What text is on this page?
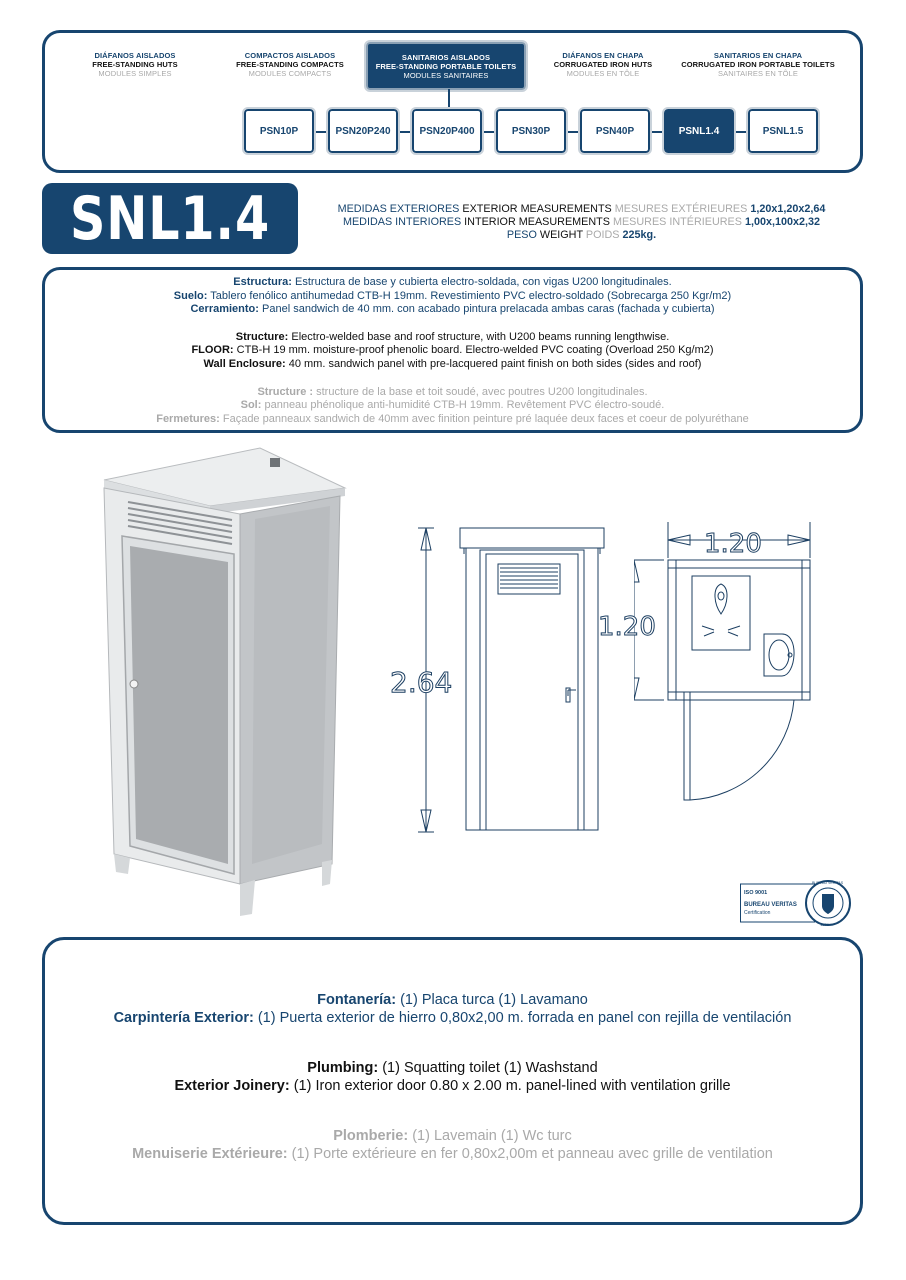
DIÁFANOS AISLADOS
FREE-STANDING HUTS
MODULES SIMPLES
COMPACTOS AISLADOS
FREE-STANDING COMPACTS
MODULES COMPACTS
SANITARIOS AISLADOS
FREE-STANDING PORTABLE TOILETS
MODULES SANITAIRES
DIÁFANOS EN CHAPA
CORRUGATED IRON HUTS
MODULES EN TÔLE
SANITARIOS EN CHAPA
CORRUGATED IRON PORTABLE TOILETS
SANITAIRES EN TÔLE
PSN10P	PSN20P240	PSN20P400	PSN30P	PSN40P	PSNL1.4	PSNL1.5
SNL1.4	MEDIDAS EXTERIORES EXTERIOR MEASUREMENTS MESURES EXTÉRIEURES 1,20x1,20x2,64
MEDIDAS INTERIORES INTERIOR MEASUREMENTS MESURES INTÉRIEURES 1,00x,100x2,32
PESO WEIGHT POIDS 225kg.
Estructura: Estructura de base y cubierta electro-soldada, con vigas U200 longitudinales.
Suelo: Tablero fenólico antihumedad CTB-H 19mm. Revestimiento PVC electro-soldado (Sobrecarga 250 Kgr/m2)
Cerramiento: Panel sandwich de 40 mm. con acabado pintura prelacada ambas caras (fachada y cubierta)
Structure: Electro-welded base and roof structure, with U200 beams running lengthwise.
FLOOR: CTB-H 19 mm. moisture-proof phenolic board. Electro-welded PVC coating (Overload 250 Kg/m2)
Wall Enclosure: 40 mm. sandwich panel with pre-lacquered paint finish on both sides (sides and roof)
Structure : structure de la base et toit soudé, avec poutres U200 longitudinales.
Sol: panneau phénolique anti-humidité CTB-H 19mm. Revêtement PVC électro-soudé.
Fermetures: Façade panneaux sandwich de 40mm avec finition peinture pré laquée deux faces et coeur de polyuréthane
2.64
1.20
1.20
ISO 9001
BUREAU VERITAS
Certification
1828
BUREAU VERITAS
Fontanería: (1) Placa turca (1) Lavamano
Carpintería Exterior: (1) Puerta exterior de hierro 0,80x2,00 m. forrada en panel con rejilla de ventilación
Plumbing: (1) Squatting toilet (1) Washstand
Exterior Joinery: (1) Iron exterior door 0.80 x 2.00 m. panel-lined with ventilation grille
Plomberie: (1) Lavemain (1) Wc turc
Menuiserie Extérieure: (1) Porte extérieure en fer 0,80x2,00m et panneau avec grille de ventilation
